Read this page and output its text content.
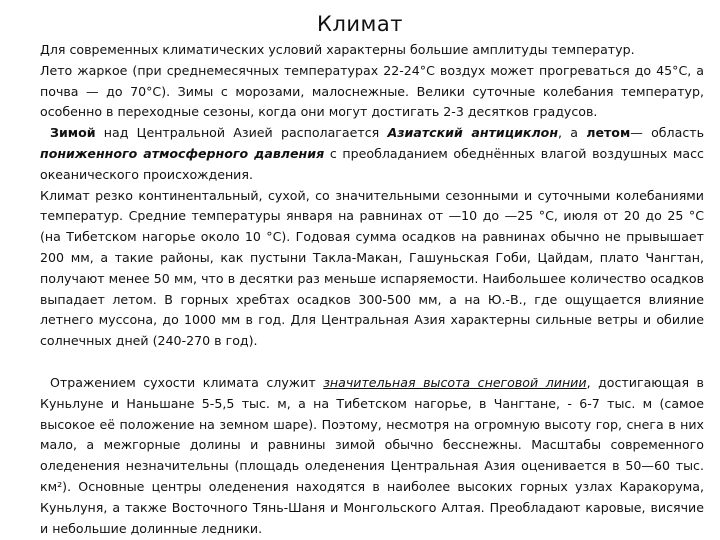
Климат

Для современных климатических условий характерны большие амплитуды температур.

Лето жаркое (при среднемесячных температурах 22-24°С воздух может прогреваться до 45°С, а почва — до 70°С). Зимы с морозами, малоснежные. Велики суточные колебания температур, особенно в переходные сезоны, когда они могут достигать 2-3 десятков градусов.

Зимой над Центральной Азией располагается Азиатский антициклон, а летом— область пониженного атмосферного давления с преобладанием обеднённых влагой воздушных масс океанического происхождения.

Климат резко континентальный, сухой, со значительными сезонными и суточными колебаниями температур. Средние температуры января на равнинах от —10 до —25 °С, июля от 20 до 25 °С (на Тибетском нагорье около 10 °С). Годовая сумма осадков на равнинах обычно не прывышает 200 мм, а такие районы, как пустыни Такла-Макан, Гашуньская Гоби, Цайдам, плато Чангтан, получают менее 50 мм, что в десятки раз меньше испаряемости. Наибольшее количество осадков выпадает летом. В горных хребтах осадков 300-500 мм, а на Ю.-В., где ощущается влияние летнего муссона, до 1000 мм в год. Для Центральная Азия характерны сильные ветры и обилие солнечных дней (240-270 в год).

Отражением сухости климата служит значительная высота снеговой линии, достигающая в Куньлуне и Наньшане 5-5,5 тыс. м, а на Тибетском нагорье, в Чангтане, - 6-7 тыс. м (самое высокое её положение на земном шаре). Поэтому, несмотря на огромную высоту гор, снега в них мало, а межгорные долины и равнины зимой обычно бесснежны. Масштабы современного оледенения незначительны (площадь оледенения Центральная Азия оценивается в 50—60 тыс. км²). Основные центры оледенения находятся в наиболее высоких горных узлах Каракорума, Куньлуня, а также Восточного Тянь-Шаня и Монгольского Алтая. Преобладают каровые, висячие и небольшие долинные ледники.
